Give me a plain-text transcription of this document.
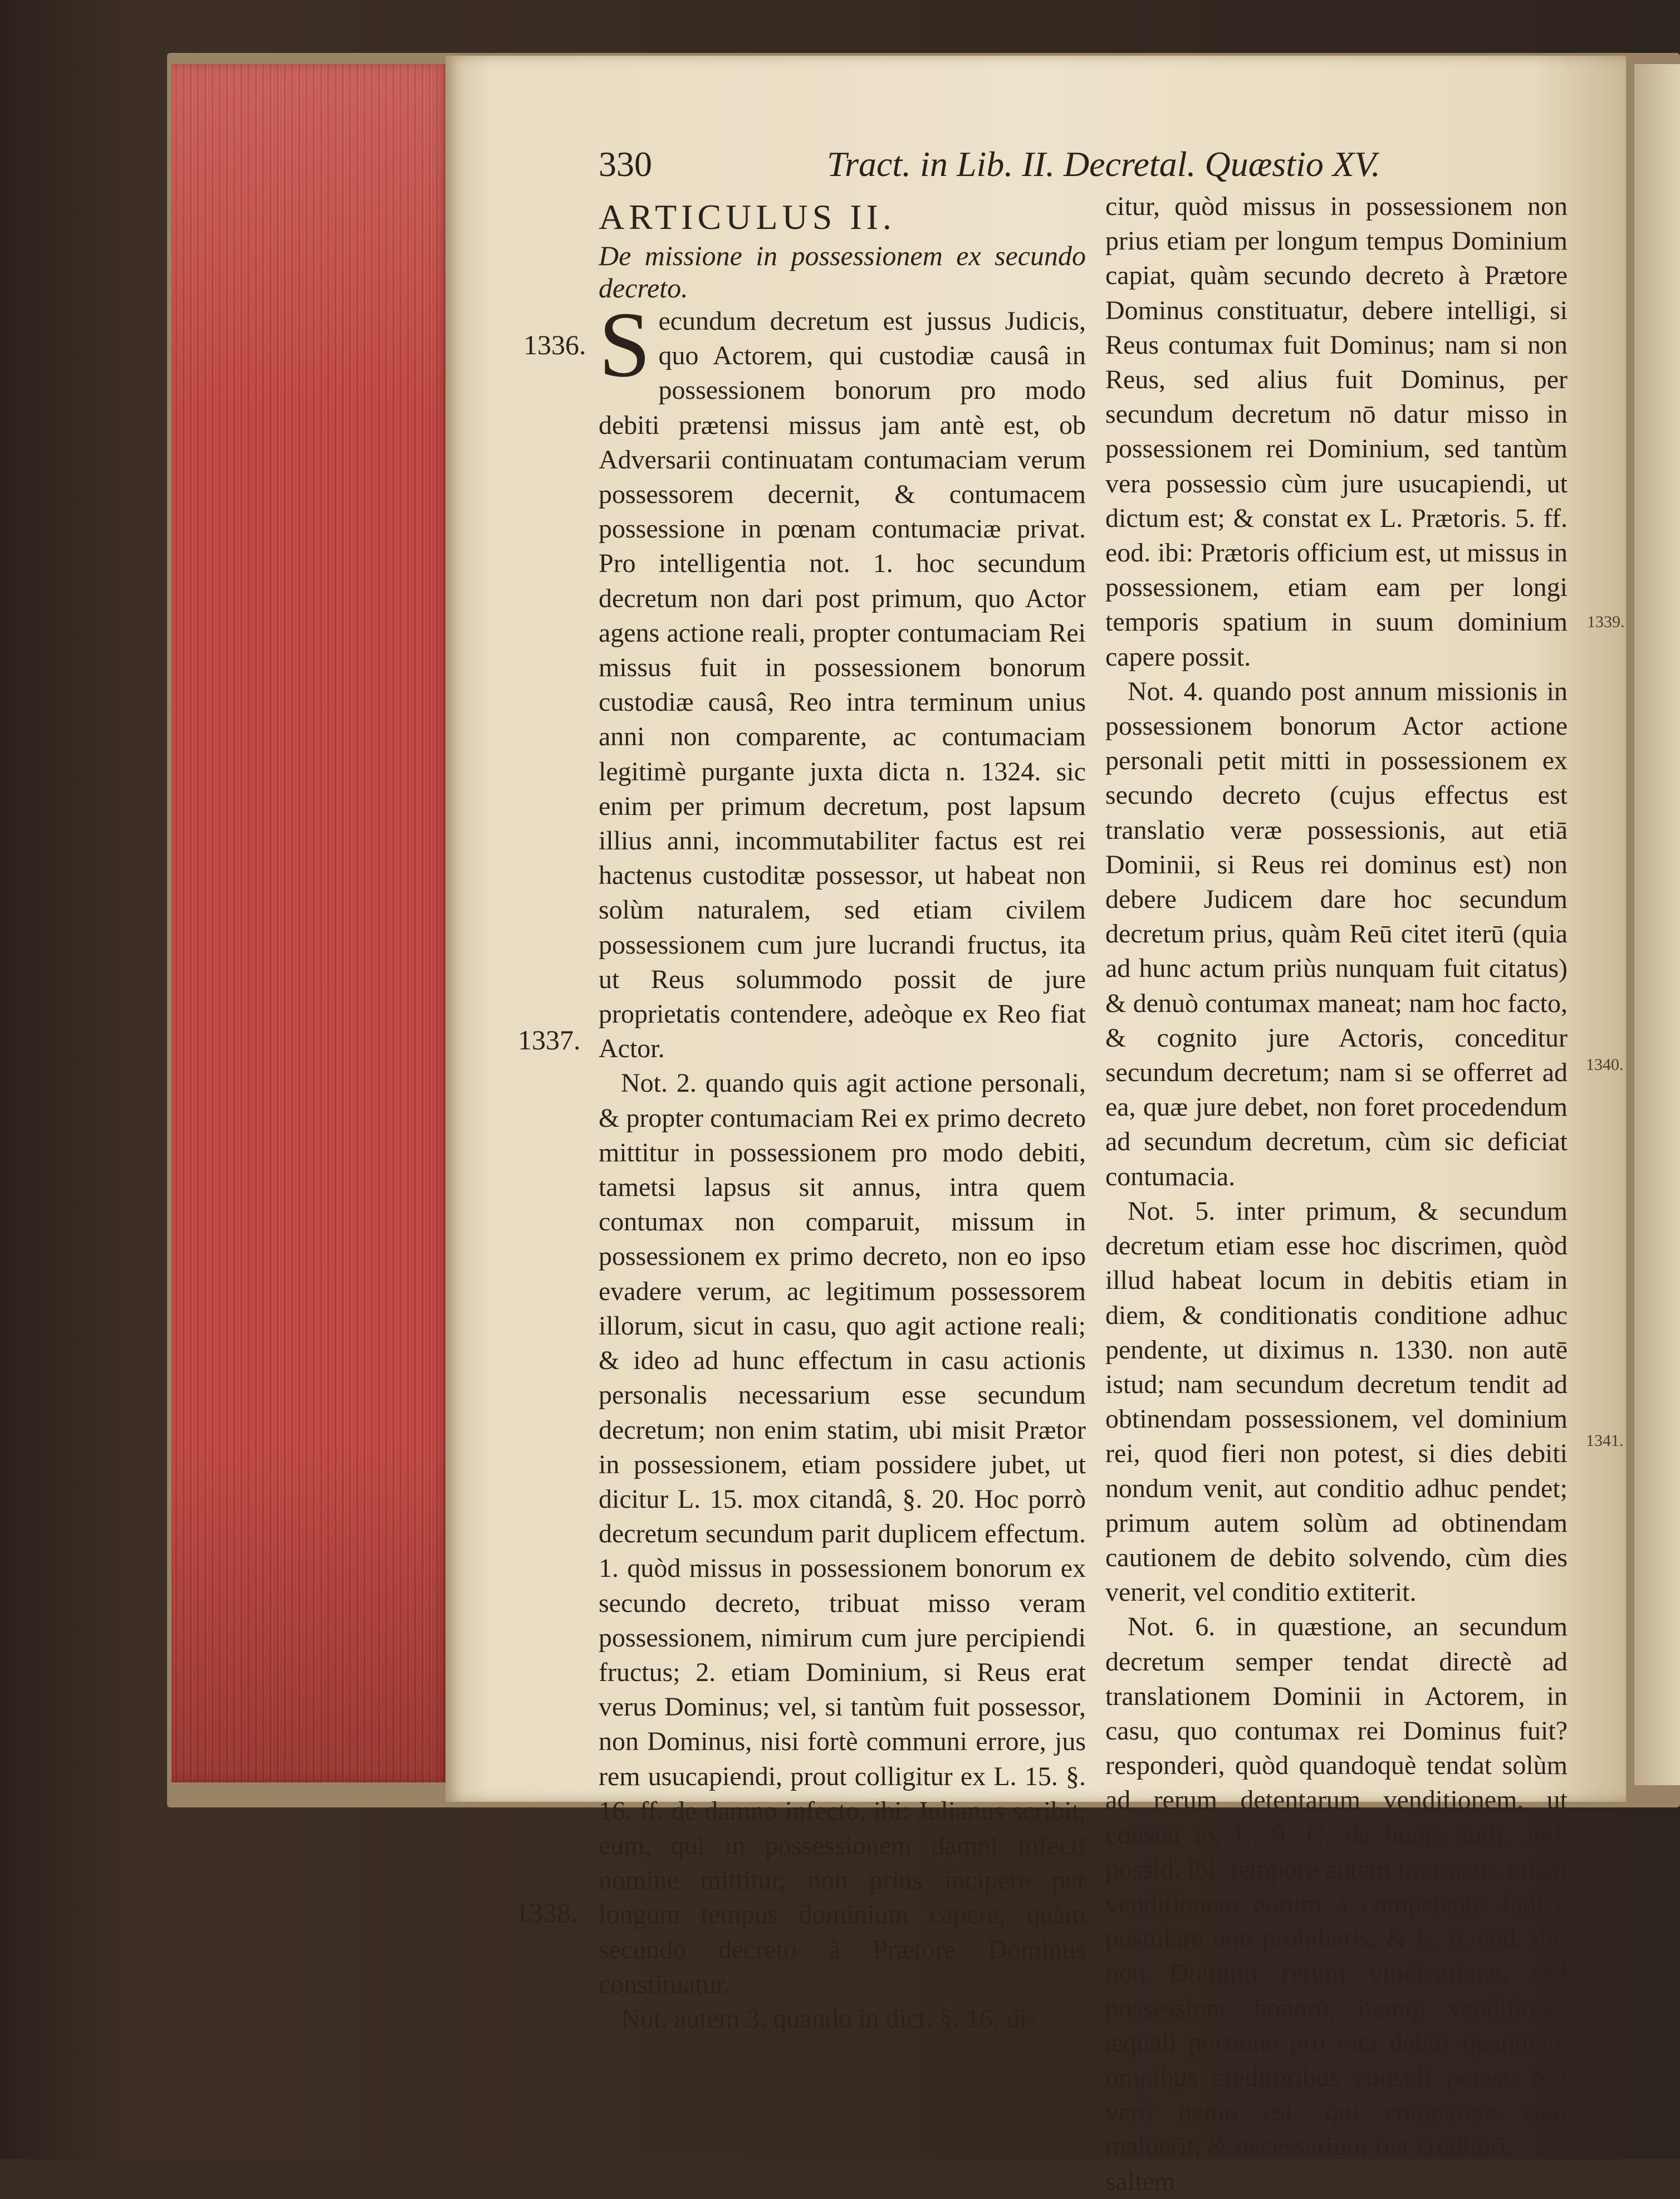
330	Tract. in Lib. II. Decretal. Quæstio XV.
1336.
1337.
1338.
1339.
1340.
1341.

ARTICULUS II.

De missione in possessionem ex secundo decreto.

Secundum decretum est jussus Judicis, quo Actorem, qui custodiæ causâ in possessionem bonorum pro modo debiti prætensi missus jam antè est, ob Adversarii continuatam contumaciam verum possessorem decernit, & contumacem possessione in pœnam contumaciæ privat. Pro intelligentia not. 1. hoc secundum decretum non dari post primum, quo Actor agens actione reali, propter contumaciam Rei missus fuit in possessionem bonorum custodiæ causâ, Reo intra terminum unius anni non comparente, ac contumaciam legitimè purgante juxta dicta n. 1324. sic enim per primum decretum, post lapsum illius anni, incommutabiliter factus est rei hactenus custoditæ possessor, ut habeat non solùm naturalem, sed etiam civilem possessionem cum jure lucrandi fructus, ita ut Reus solummodo possit de jure proprietatis contendere, adeòque ex Reo fiat Actor.

Not. 2. quando quis agit actione personali, & propter contumaciam Rei ex primo decreto mittitur in possessionem pro modo debiti, tametsi lapsus sit annus, intra quem contumax non comparuit, missum in possessionem ex primo decreto, non eo ipso evadere verum, ac legitimum possessorem illorum, sicut in casu, quo agit actione reali; & ideo ad hunc effectum in casu actionis personalis necessarium esse secundum decretum; non enim statim, ubi misit Prætor in possessionem, etiam possidere jubet, ut dicitur L. 15. mox citandâ, §. 20. Hoc porrò decretum secundum parit duplicem effectum. 1. quòd missus in possessionem bonorum ex secundo decreto, tribuat misso veram possessionem, nimirum cum jure percipiendi fructus; 2. etiam Dominium, si Reus erat verus Dominus; vel, si tantùm fuit possessor, non Dominus, nisi fortè communi errore, jus rem usucapiendi, prout colligitur ex L. 15. §. 16. ff. de damno infecto, ibi: Julianus scribit, eum, qui in possessionem damni infecti nomine mittitur, non prius incipere per longum tempus dominium capere, quàm secundo decreto à Prætore Dominus constituatur.

Not. autem 3. quando in dict. §. 16. di-

citur, quòd missus in possessionem non prius etiam per longum tempus Dominium capiat, quàm secundo decreto à Prætore Dominus constituatur, debere intelligi, si Reus contumax fuit Dominus; nam si non Reus, sed alius fuit Dominus, per secundum decretum nō datur misso in possessionem rei Dominium, sed tantùm vera possessio cùm jure usucapiendi, ut dictum est; & constat ex L. Prætoris. 5. ff. eod. ibi: Prætoris officium est, ut missus in possessionem, etiam eam per longi temporis spatium in suum dominium capere possit.

Not. 4. quando post annum missionis in possessionem bonorum Actor actione personali petit mitti in possessionem ex secundo decreto (cujus effectus est translatio veræ possessionis, aut etiā Dominii, si Reus rei dominus est) non debere Judicem dare hoc secundum decretum prius, quàm Reū citet iterū (quia ad hunc actum priùs nunquam fuit citatus) & denuò contumax maneat; nam hoc facto, & cognito jure Actoris, conceditur secundum decretum; nam si se offerret ad ea, quæ jure debet, non foret procedendum ad secundum decretum, cùm sic deficiat contumacia.

Not. 5. inter primum, & secundum decretum etiam esse hoc discrimen, quòd illud habeat locum in debitis etiam in diem, & conditionatis conditione adhuc pendente, ut diximus n. 1330. non autē istud; nam secundum decretum tendit ad obtinendam possessionem, vel dominium rei, quod fieri non potest, si dies debiti nondum venit, aut conditio adhuc pendet; primum autem solùm ad obtinendam cautionem de debito solvendo, cùm dies venerit, vel conditio extiterit.

Not. 6. in quæstione, an secundum decretum semper tendat directè ad translationem Dominii in Actorem, in casu, quo contumax rei Dominus fuit? responderi, quòd quandoquè tendat solùm ad rerum detentarum venditionem, ut constat ex L. 9. C. de bonis auth. Jud. possid. ibi: tempore autem transacto, etiam venditionem eorum à competente Judice postulare non prohiberis, & L. 6. eod. ibi: non Dominii rerum vindicatione, sed possessione bonorū, itemq; venditione, æquali portione pro rata debiti quantitate omnibus creditoribus consuli potest: Sin verò nemo est, qui comparere eam maluerit, & necessarium fiat creditori,

saltem
